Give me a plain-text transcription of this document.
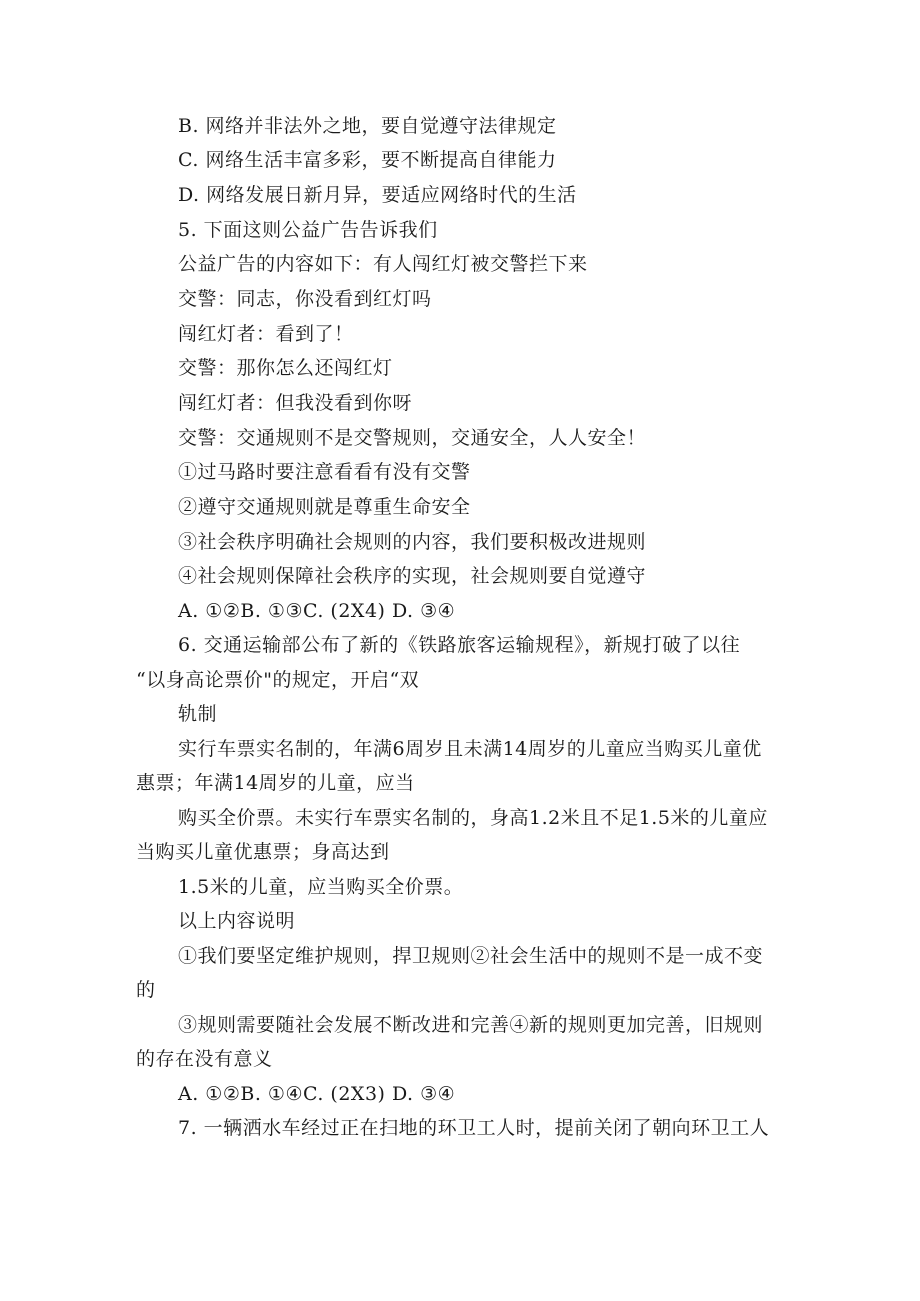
B. 网络并非法外之地，要自觉遵守法律规定
C. 网络生活丰富多彩，要不断提高自律能力
D. 网络发展日新月异，要适应网络时代的生活
5. 下面这则公益广告告诉我们
公益广告的内容如下：有人闯红灯被交警拦下来
交警：同志，你没看到红灯吗
闯红灯者：看到了！
交警：那你怎么还闯红灯
闯红灯者：但我没看到你呀
交警：交通规则不是交警规则，交通安全，人人安全！
①过马路时要注意看看有没有交警
②遵守交通规则就是尊重生命安全
③社会秩序明确社会规则的内容，我们要积极改进规则
④社会规则保障社会秩序的实现，社会规则要自觉遵守
A. ①②B. ①③C. (2X4) D. ③④
6. 交通运输部公布了新的《铁路旅客运输规程》，新规打破了以往
“以身高论票价"的规定，开启“双
轨制
实行车票实名制的，年满6周岁且未满14周岁的儿童应当购买儿童优
惠票；年满14周岁的儿童，应当
购买全价票。未实行车票实名制的，身高1.2米且不足1.5米的儿童应
当购买儿童优惠票；身高达到
1.5米的儿童，应当购买全价票。
以上内容说明
①我们要坚定维护规则，捍卫规则②社会生活中的规则不是一成不变
的
③规则需要随社会发展不断改进和完善④新的规则更加完善，旧规则
的存在没有意义
A. ①②B. ①④C. (2X3) D. ③④
7. 一辆洒水车经过正在扫地的环卫工人时，提前关闭了朝向环卫工人
